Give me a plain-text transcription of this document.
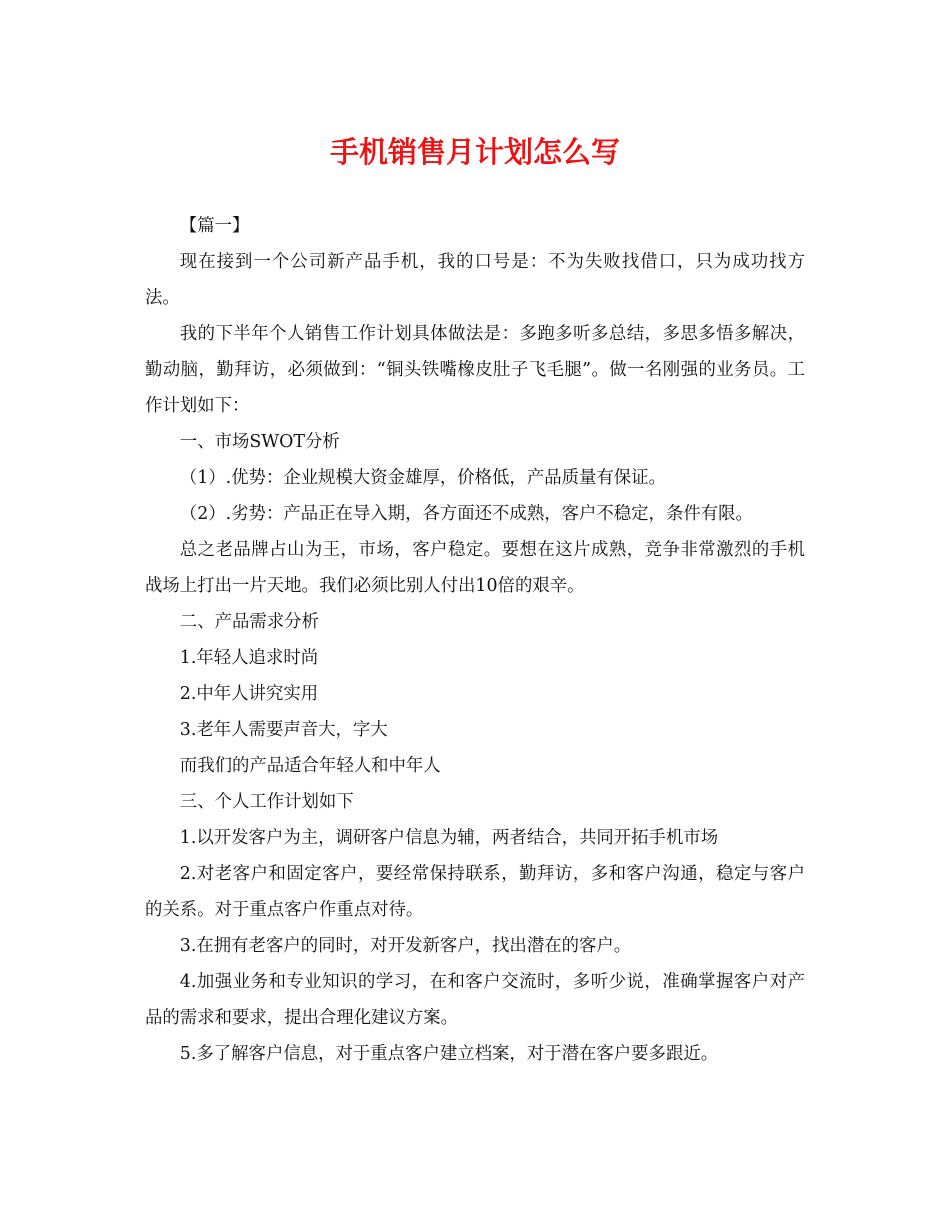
手机销售月计划怎么写

【篇一】

现在接到一个公司新产品手机，我的口号是：不为失败找借口，只为成功找方法。

我的下半年个人销售工作计划具体做法是：多跑多听多总结，多思多悟多解决，勤动脑，勤拜访，必须做到：“铜头铁嘴橡皮肚子飞毛腿”。做一名刚强的业务员。工作计划如下：

一、市场SWOT分析

（1）.优势：企业规模大资金雄厚，价格低，产品质量有保证。

（2）.劣势：产品正在导入期，各方面还不成熟，客户不稳定，条件有限。

总之老品牌占山为王，市场，客户稳定。要想在这片成熟，竞争非常激烈的手机战场上打出一片天地。我们必须比别人付出10倍的艰辛。

二、产品需求分析

1.年轻人追求时尚

2.中年人讲究实用

3.老年人需要声音大，字大

而我们的产品适合年轻人和中年人

三、个人工作计划如下

1.以开发客户为主，调研客户信息为辅，两者结合，共同开拓手机市场

2.对老客户和固定客户，要经常保持联系，勤拜访，多和客户沟通，稳定与客户的关系。对于重点客户作重点对待。

3.在拥有老客户的同时，对开发新客户，找出潜在的客户。

4.加强业务和专业知识的学习，在和客户交流时，多听少说，准确掌握客户对产品的需求和要求，提出合理化建议方案。

5.多了解客户信息，对于重点客户建立档案，对于潜在客户要多跟近。
